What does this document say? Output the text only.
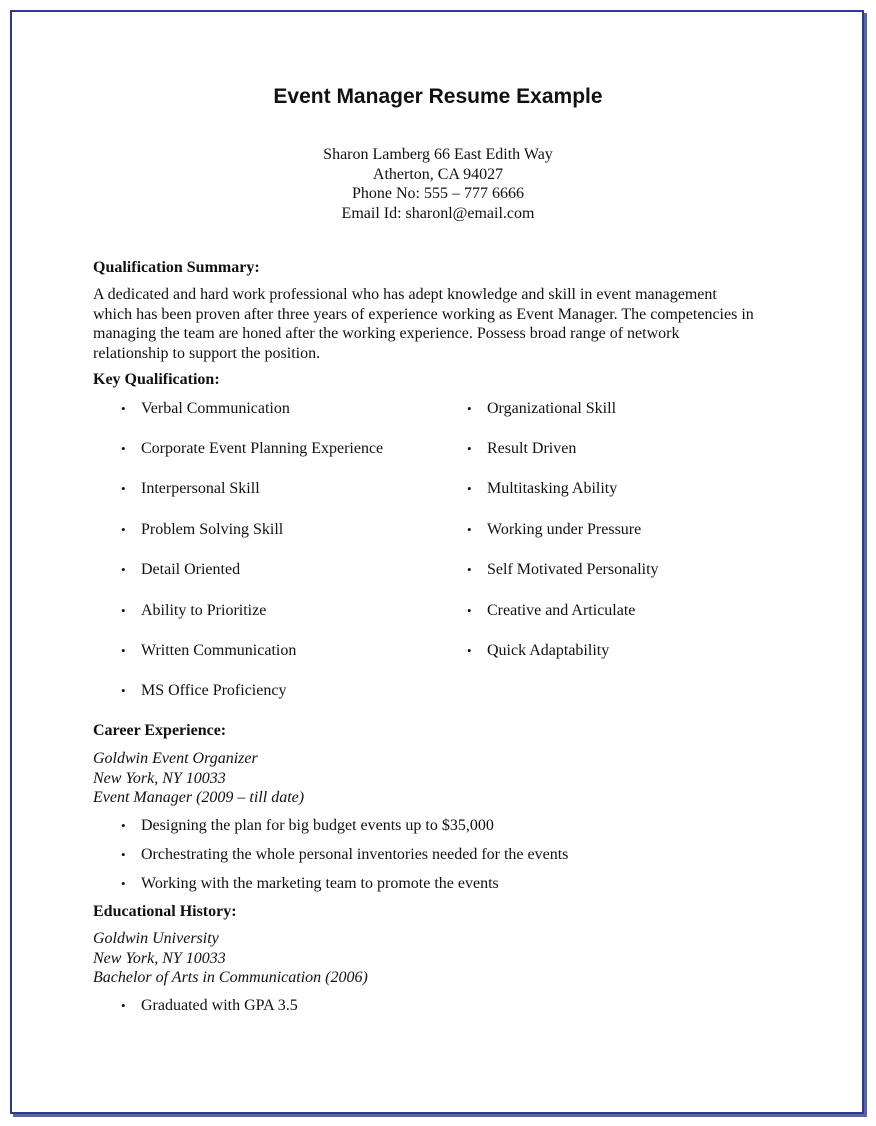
Event Manager Resume Example
Sharon Lamberg 66 East Edith Way
Atherton, CA 94027
Phone No: 555 – 777 6666
Email Id: sharonl@email.com
Qualification Summary:
A dedicated and hard work professional who has adept knowledge and skill in event management
which has been proven after three years of experience working as Event Manager. The competencies in
managing the team are honed after the working experience. Possess broad range of network
relationship to support the position.
Key Qualification:
• Verbal Communication
• Corporate Event Planning Experience
• Interpersonal Skill
• Problem Solving Skill
• Detail Oriented
• Ability to Prioritize
• Written Communication
• MS Office Proficiency
• Organizational Skill
• Result Driven
• Multitasking Ability
• Working under Pressure
• Self Motivated Personality
• Creative and Articulate
• Quick Adaptability
Career Experience:
Goldwin Event Organizer
New York, NY 10033
Event Manager (2009 – till date)
• Designing the plan for big budget events up to $35,000
• Orchestrating the whole personal inventories needed for the events
• Working with the marketing team to promote the events
Educational History:
Goldwin University
New York, NY 10033
Bachelor of Arts in Communication (2006)
• Graduated with GPA 3.5
